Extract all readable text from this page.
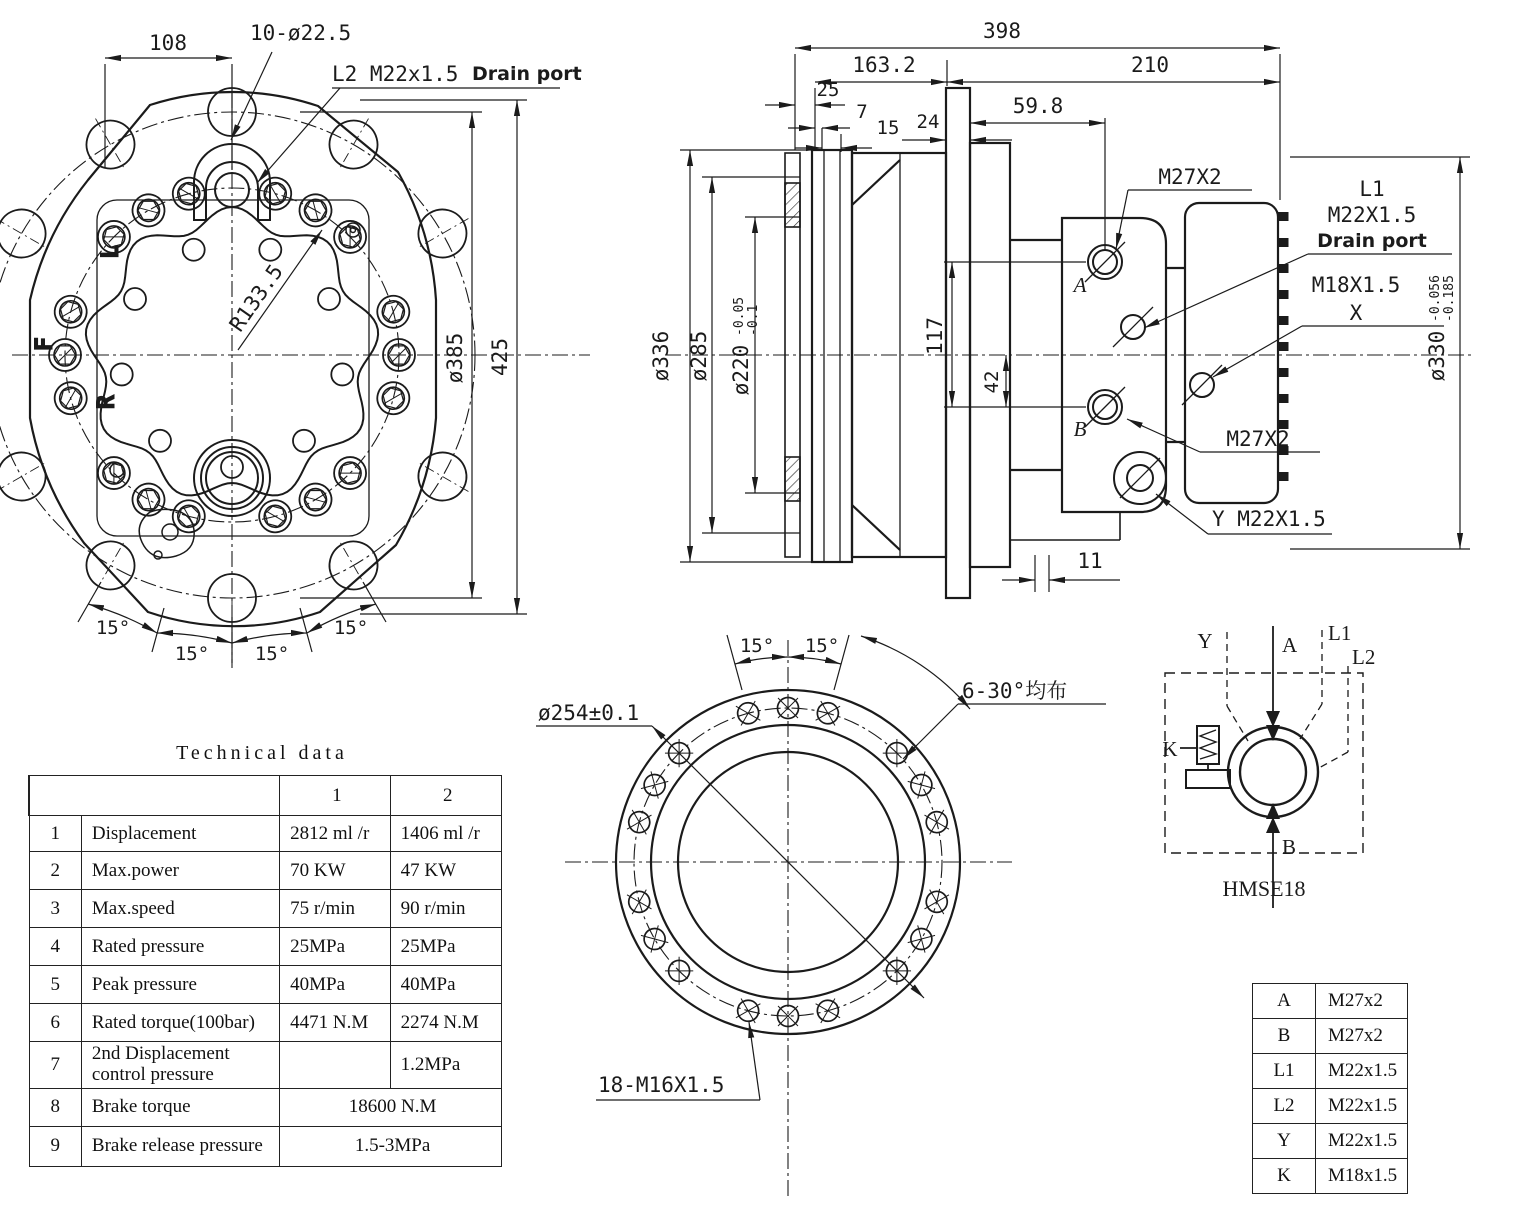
L
R
F
108	10-ø22.5
L2 M22x1.5 Drain port
R133.5
ø385 425
15°
15° 15°
15°
398
163.2	210
25
7
15 24
59.8
ø336 ø285 ø220
-0.05 -0.1	117
42
11
M27X2
A
B
L1
M22X1.5
Drain port
M18X1.5
X
M27X2
Y M22X1.5
ø330
-0.056 -0.185
ø254±0.1
15° 15°
6-30°均布
18-M16X1.5
Y	A L1
L2
K
B
HMSE18
Technical data
		1	2
1	Displacement	2812 ml /r	1406 ml /r
2	Max.power	70 KW	47 KW
3	Max.speed	75 r/min	90 r/min
4	Rated pressure	25MPa	25MPa
5	Peak pressure	40MPa	40MPa
6	Rated torque(100bar)	4471 N.M	2274 N.M
7	2nd Displacement control pressure		1.2MPa
8	Brake torque	18600 N.M	
9	Brake release pressure	1.5-3MPa	
A	M27x2
B	M27x2
L1	M22x1.5
L2	M22x1.5
Y	M22x1.5
K	M18x1.5
